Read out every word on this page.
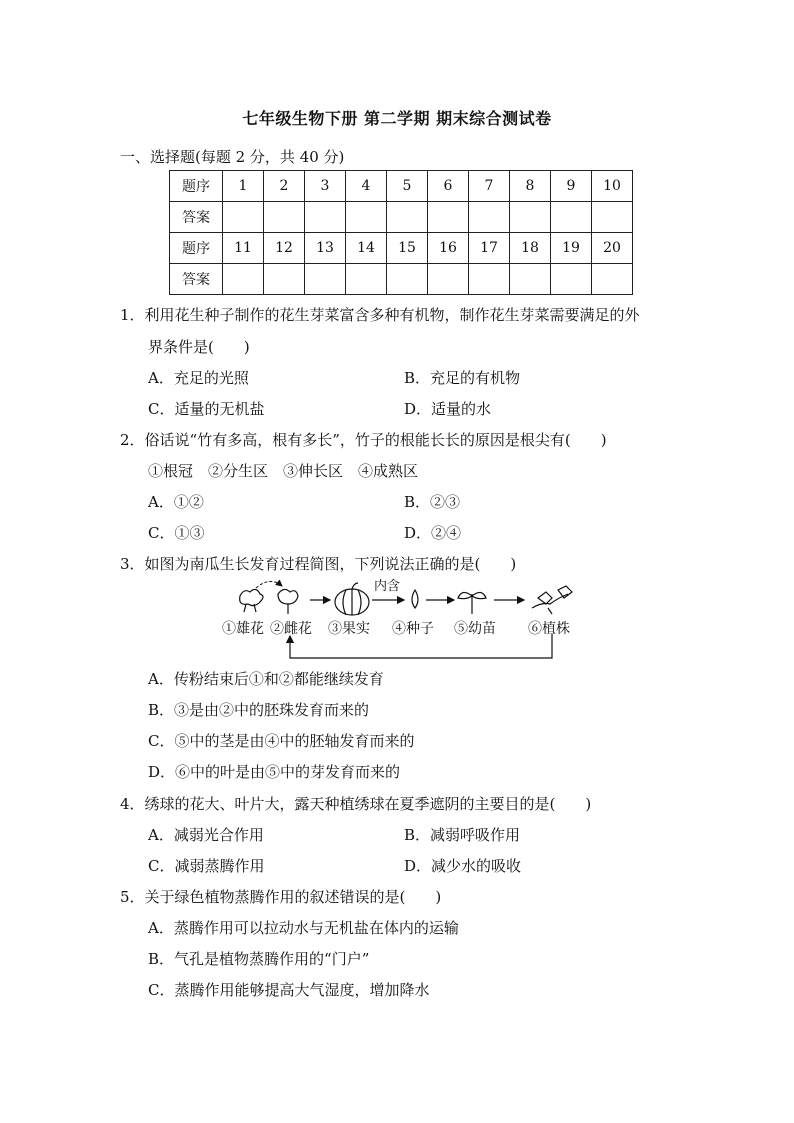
七年级生物下册 第二学期 期末综合测试卷
一、选择题(每题 2 分，共 40 分)
题序	1	2	3	4	5	6	7	8	9	10
答案										
题序	11	12	13	14	15	16	17	18	19	20
答案										
1．利用花生种子制作的花生芽菜富含多种有机物，制作花生芽菜需要满足的外
界条件是(　　)
A．充足的光照	B．充足的有机物
C．适量的无机盐	D．适量的水
2．俗话说“竹有多高，根有多长”，竹子的根能长长的原因是根尖有(　　)
①根冠　②分生区　③伸长区　④成熟区
A．①②	B．②③
C．①③	D．②④
3．如图为南瓜生长发育过程简图，下列说法正确的是(　　)
内含
①雄花 ②雌花 ③果实 ④种子 ⑤幼苗 ⑥植株
A．传粉结束后①和②都能继续发育
B．③是由②中的胚珠发育而来的
C．⑤中的茎是由④中的胚轴发育而来的
D．⑥中的叶是由⑤中的芽发育而来的
4．绣球的花大、叶片大，露天种植绣球在夏季遮阴的主要目的是(　　)
A．减弱光合作用	B．减弱呼吸作用
C．减弱蒸腾作用	D．减少水的吸收
5．关于绿色植物蒸腾作用的叙述错误的是(　　)
A．蒸腾作用可以拉动水与无机盐在体内的运输
B．气孔是植物蒸腾作用的“门户”
C．蒸腾作用能够提高大气湿度，增加降水
